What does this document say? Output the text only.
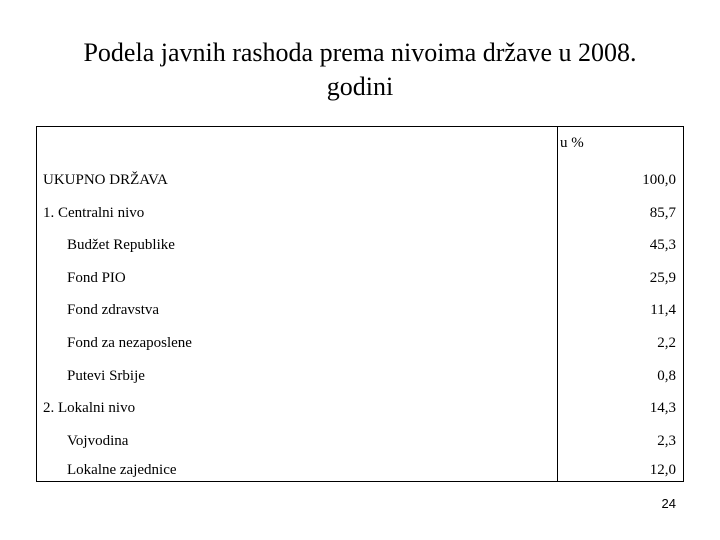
Podela javnih rashoda prema nivoima države u 2008.
godini
u %
UKUPNO DRŽAVA	100,0
1. Centralni nivo	85,7
Budžet Republike	45,3
Fond PIO	25,9
Fond zdravstva	11,4
Fond za nezaposlene	2,2
Putevi Srbije	0,8
2. Lokalni nivo	14,3
Vojvodina	2,3
Lokalne zajednice	12,0
24
